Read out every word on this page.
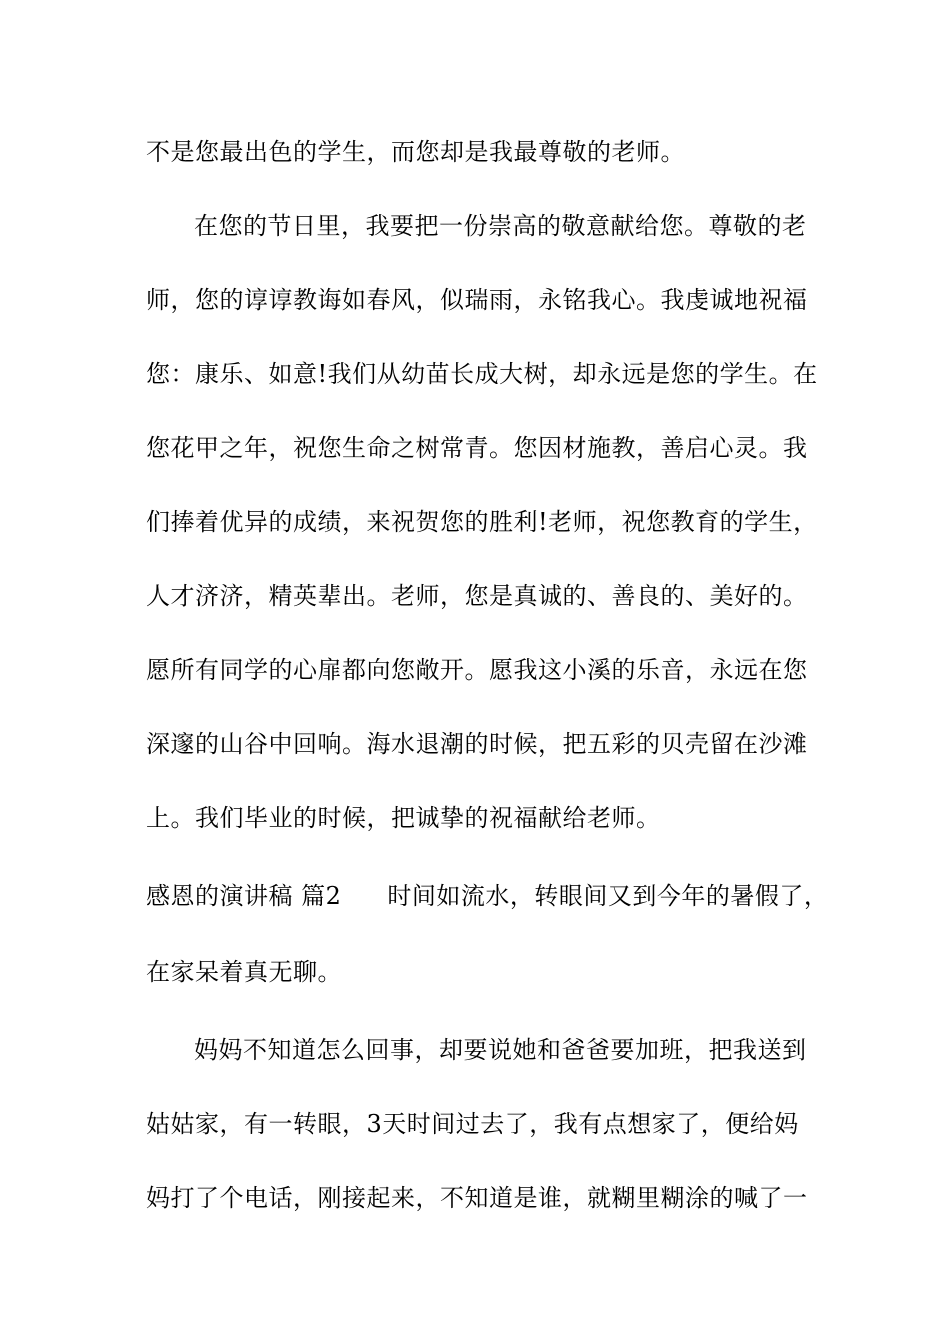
不是您最出色的学生，而您却是我最尊敬的老师。
在您的节日里，我要把一份崇高的敬意献给您。尊敬的老
师，您的谆谆教诲如春风，似瑞雨，永铭我心。我虔诚地祝福
您：康乐、如意!我们从幼苗长成大树，却永远是您的学生。在
您花甲之年，祝您生命之树常青。您因材施教，善启心灵。我
们捧着优异的成绩，来祝贺您的胜利!老师，祝您教育的学生，
人才济济，精英辈出。老师，您是真诚的、善良的、美好的。
愿所有同学的心扉都向您敞开。愿我这小溪的乐音，永远在您
深邃的山谷中回响。海水退潮的时候，把五彩的贝壳留在沙滩
上。我们毕业的时候，把诚挚的祝福献给老师。
感恩的演讲稿 篇2 时间如流水，转眼间又到今年的暑假了，
在家呆着真无聊。
妈妈不知道怎么回事，却要说她和爸爸要加班，把我送到
姑姑家，有一转眼，3天时间过去了，我有点想家了，便给妈
妈打了个电话，刚接起来，不知道是谁，就糊里糊涂的喊了一
